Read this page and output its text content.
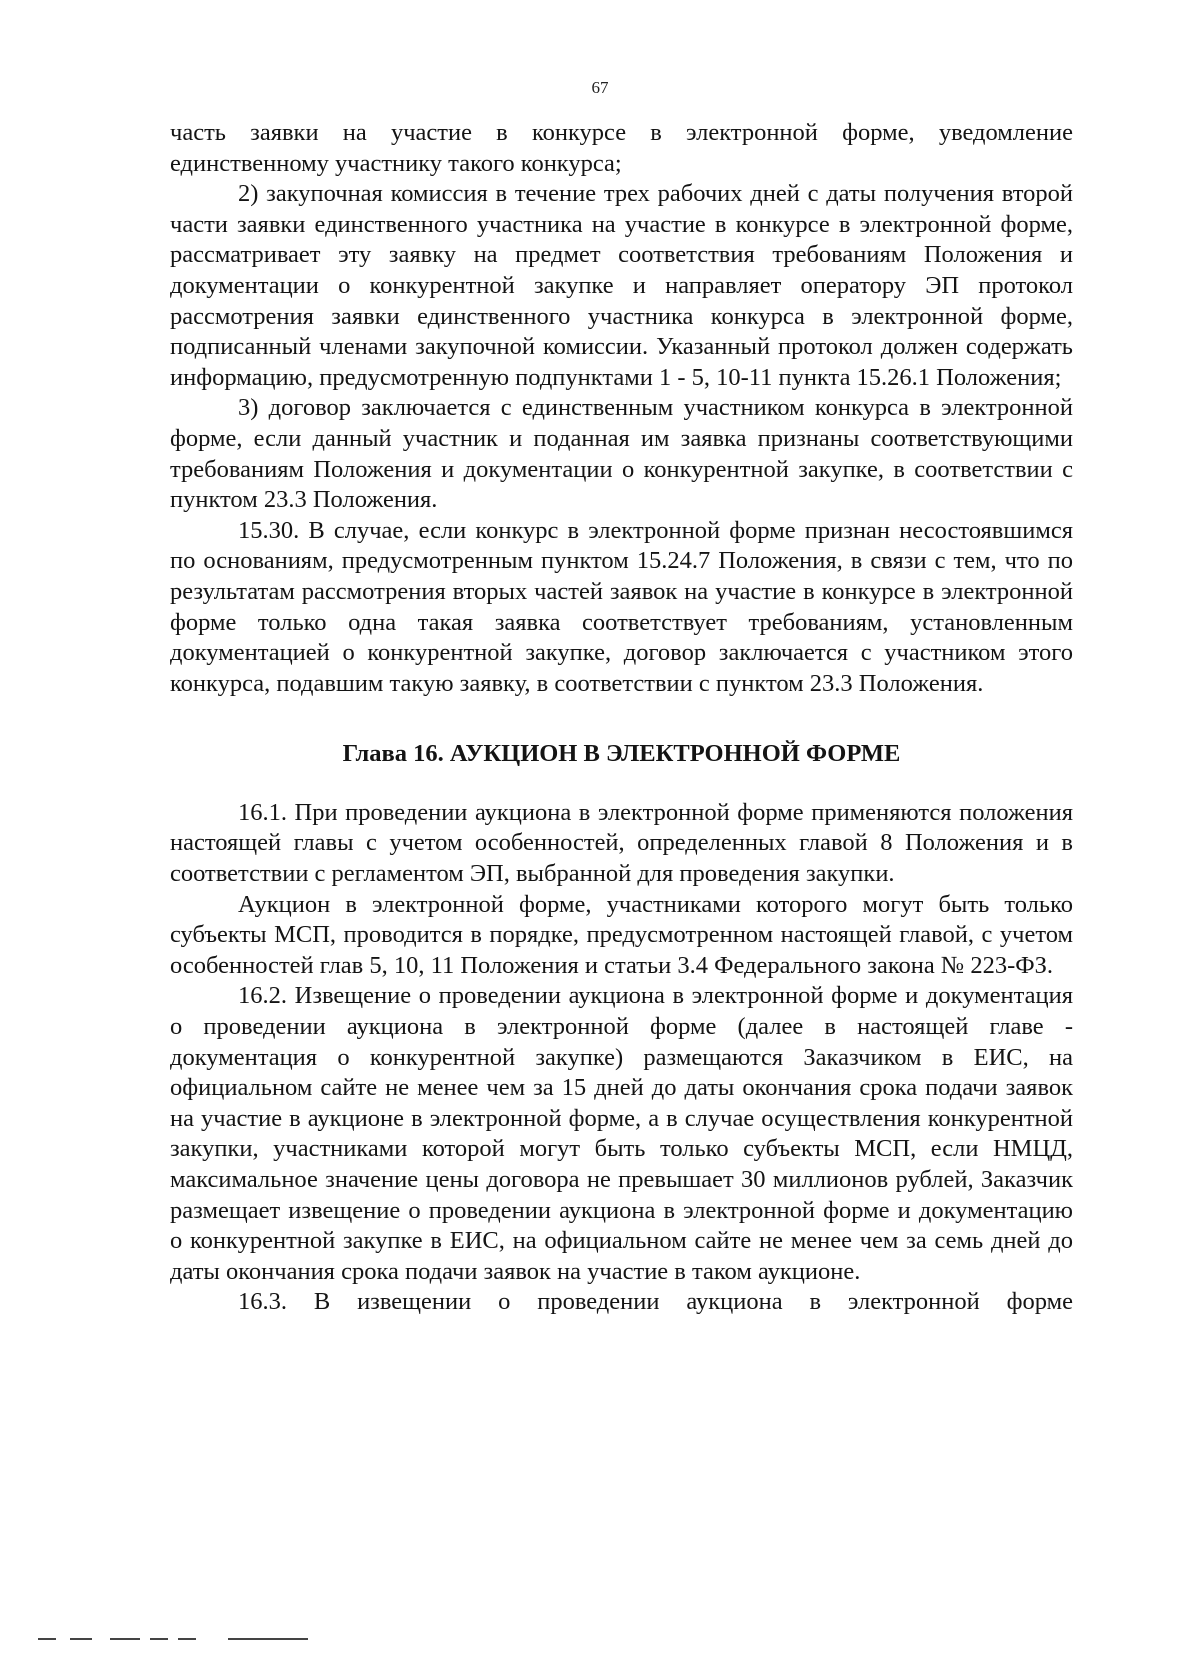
67

часть заявки на участие в конкурсе в электронной форме, уведомление единственному участнику такого конкурса;

2) закупочная комиссия в течение трех рабочих дней с даты получения второй части заявки единственного участника на участие в конкурсе в электронной форме, рассматривает эту заявку на предмет соответствия требованиям Положения и документации о конкурентной закупке и направляет оператору ЭП протокол рассмотрения заявки единственного участника конкурса в электронной форме, подписанный членами закупочной комиссии. Указанный протокол должен содержать информацию, предусмотренную подпунктами 1 - 5, 10-11 пункта 15.26.1 Положения;

3) договор заключается с единственным участником конкурса в электронной форме, если данный участник и поданная им заявка признаны соответствующими требованиям Положения и документации о конкурентной закупке, в соответствии с пунктом 23.3 Положения.

15.30. В случае, если конкурс в электронной форме признан несостоявшимся по основаниям, предусмотренным пунктом 15.24.7 Положения, в связи с тем, что по результатам рассмотрения вторых частей заявок на участие в конкурсе в электронной форме только одна такая заявка соответствует требованиям, установленным документацией о конкурентной закупке, договор заключается с участником этого конкурса, подавшим такую заявку, в соответствии с пунктом 23.3 Положения.

Глава 16. АУКЦИОН В ЭЛЕКТРОННОЙ ФОРМЕ

16.1. При проведении аукциона в электронной форме применяются положения настоящей главы с учетом особенностей, определенных главой 8 Положения и в соответствии с регламентом ЭП, выбранной для проведения закупки.

Аукцион в электронной форме, участниками которого могут быть только субъекты МСП, проводится в порядке, предусмотренном настоящей главой, с учетом особенностей глав 5, 10, 11 Положения и статьи 3.4 Федерального закона № 223-ФЗ.

16.2. Извещение о проведении аукциона в электронной форме и документация о проведении аукциона в электронной форме (далее в настоящей главе - документация о конкурентной закупке) размещаются Заказчиком в ЕИС, на официальном сайте не менее чем за 15 дней до даты окончания срока подачи заявок на участие в аукционе в электронной форме, а в случае осуществления конкурентной закупки, участниками которой могут быть только субъекты МСП, если НМЦД, максимальное значение цены договора не превышает 30 миллионов рублей, Заказчик размещает извещение о проведении аукциона в электронной форме и документацию о конкурентной закупке в ЕИС, на официальном сайте не менее чем за семь дней до даты окончания срока подачи заявок на участие в таком аукционе.

16.3. В извещении о проведении аукциона в электронной форме
